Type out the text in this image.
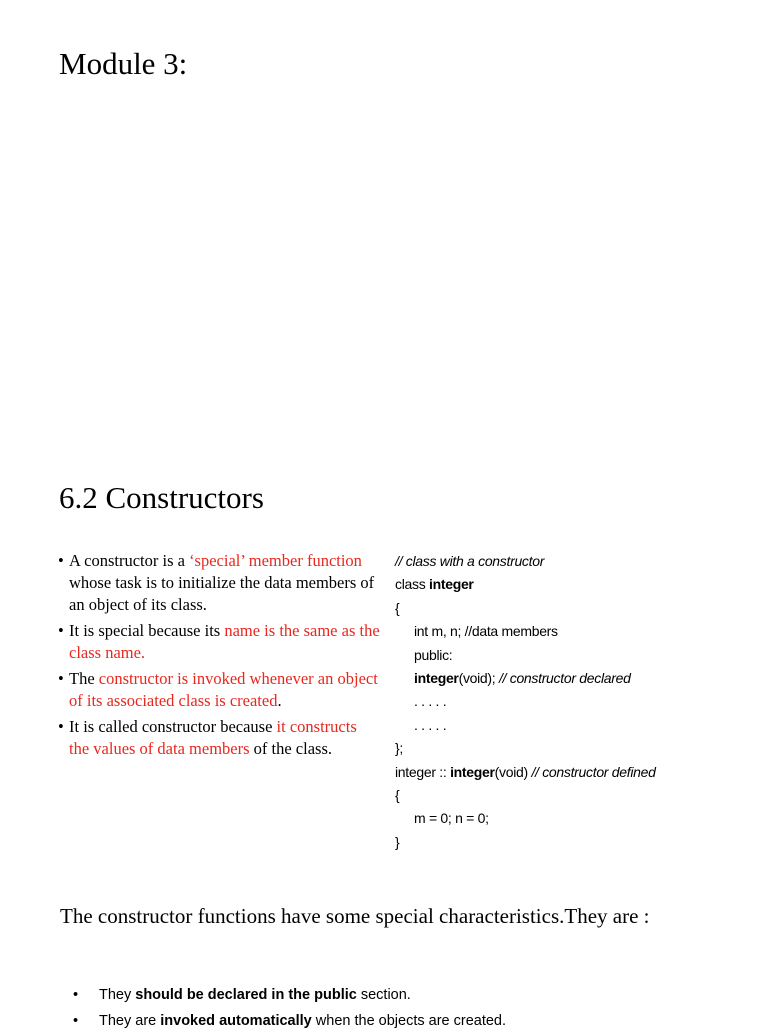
Module 3:
6.2 Constructors
• A constructor is a ‘special’ member function whose task is to initialize the data members of an object of its class.
• It is special because its name is the same as the class name.
• The constructor is invoked whenever an object of its associated class is created.
• It is called constructor because it constructs the values of data members of the class.
// class with a constructor
class integer
{
int m, n; //data members
public:
integer(void); // constructor declared
. . . . .
. . . . .
};
integer :: integer(void) // constructor defined
{
m = 0; n = 0;
}
The constructor functions have some special characteristics.They are :
• They should be declared in the public section.
• They are invoked automatically when the objects are created.
